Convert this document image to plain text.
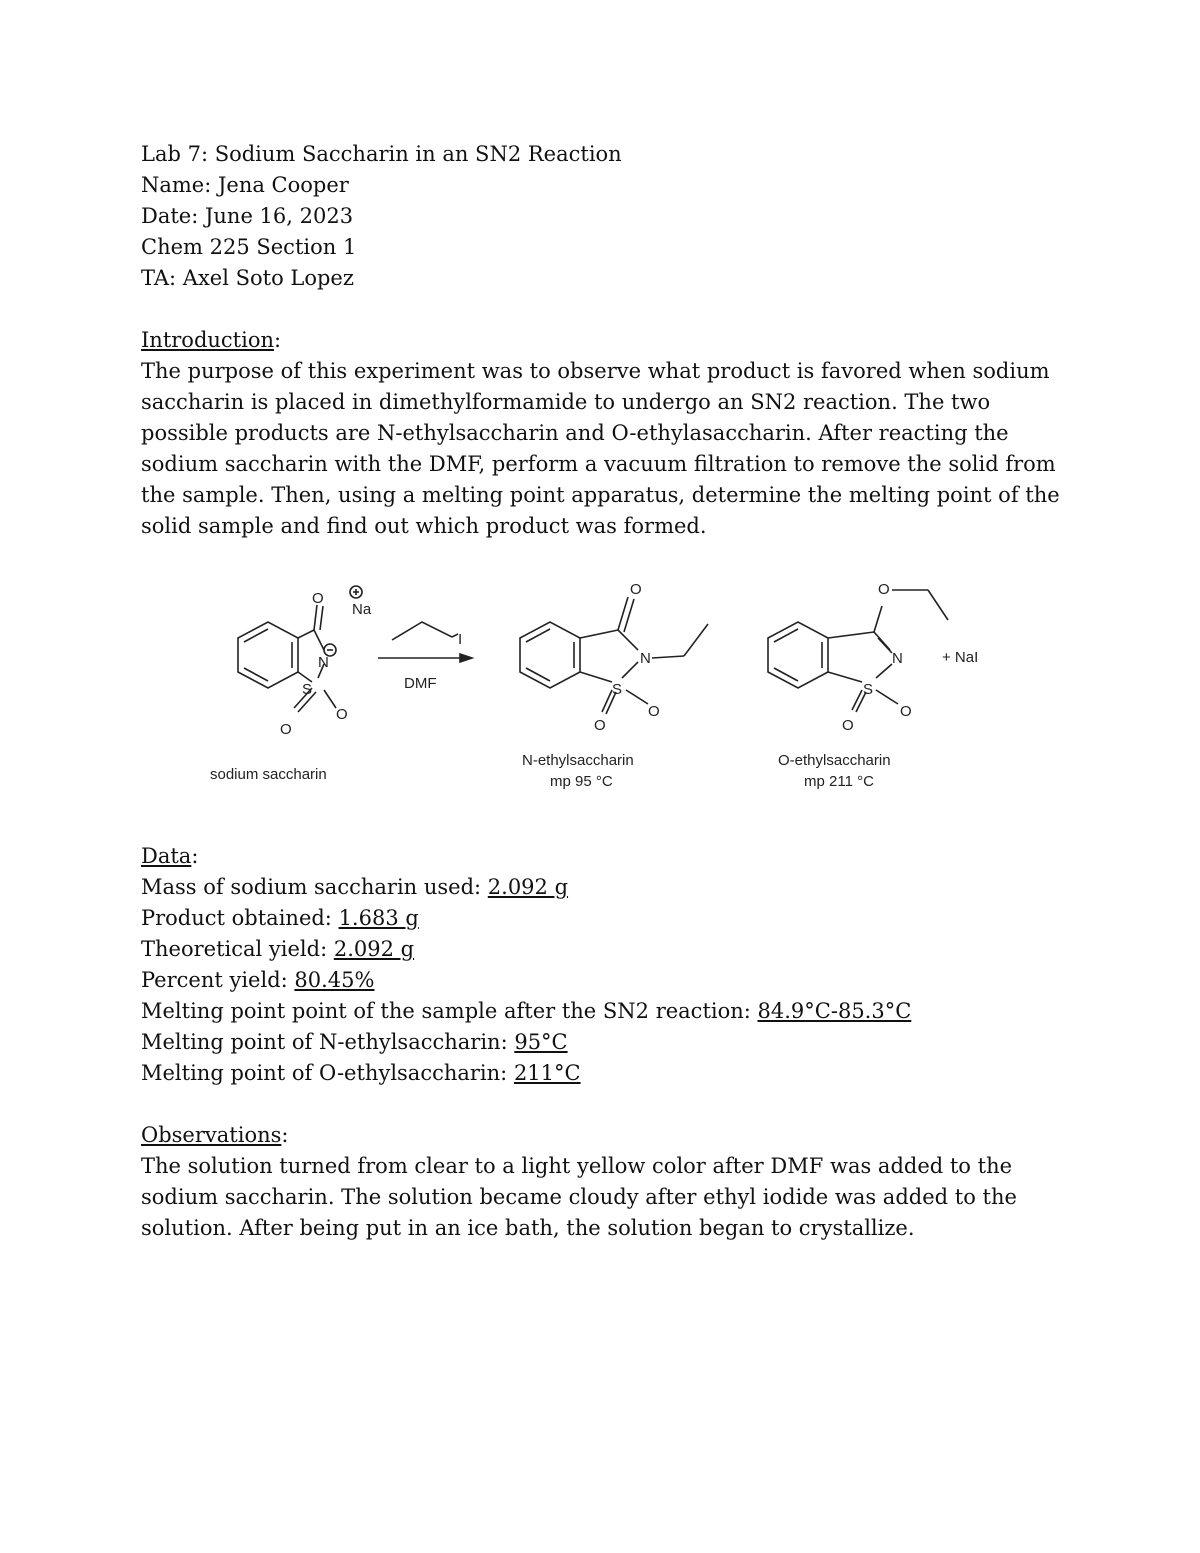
Lab 7: Sodium Saccharin in an SN2 Reaction

Name: Jena Cooper

Date: June 16, 2023

Chem 225 Section 1

TA: Axel Soto Lopez

Introduction:

The purpose of this experiment was to observe what product is favored when sodium saccharin is placed in dimethylformamide to undergo an SN2 reaction. The two possible products are N-ethylsaccharin and O-ethylasaccharin. After reacting the sodium saccharin with the DMF, perform a vacuum filtration to remove the solid from the sample. Then, using a melting point apparatus, determine the melting point of the solid sample and find out which product was formed.

Data:

Mass of sodium saccharin used: 2.092 g

Product obtained: 1.683 g

Theoretical yield: 2.092 g

Percent yield: 80.45%

Melting point point of the sample after the SN2 reaction: 84.9°C-85.3°C

Melting point of N-ethylsaccharin: 95°C

Melting point of O-ethylsaccharin: 211°C

Observations:

The solution turned from clear to a light yellow color after DMF was added to the sodium saccharin. The solution became cloudy after ethyl iodide was added to the solution. After being put in an ice bath, the solution began to crystallize.

O
Na
N
S
O
O
I
O
N
S
O
O
O
N
S
O
O
DMF
+ NaI
sodium saccharin
N-ethylsaccharin
mp 95 °C
O-ethylsaccharin
mp 211 °C
